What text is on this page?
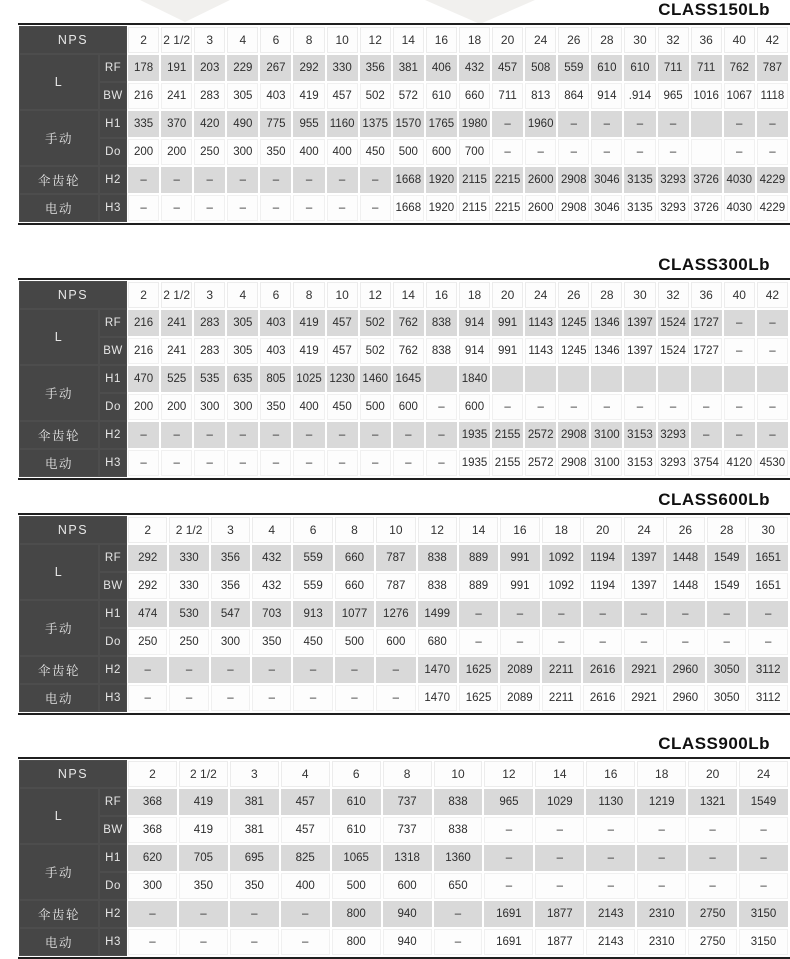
CLASS150Lb
NPS		2	2 1/2	3	4	6	8	10	12	14	16	18	20	24	26	28	30	32	36	40	42
L	RF	178	191	203	229	267	292	330	356	381	406	432	457	508	559	610	610	711	711	762	787
	BW	216	241	283	305	403	419	457	502	572	610	660	711	813	864	914	.914	965	1016	1067	1118
手动	H1	335	370	420	490	775	955	1160	1375	1570	1765	1980	–	1960	–	–	–	–		–	–
	Do	200	200	250	300	350	400	400	450	500	600	700	–	–	–	–	–	–		–	–
伞齿轮	H2	–	–	–	–	–	–	–	–	1668	1920	2115	2215	2600	2908	3046	3135	3293	3726	4030	4229
电动	H3	–	–	–	–	–	–	–	–	1668	1920	2115	2215	2600	2908	3046	3135	3293	3726	4030	4229
CLASS300Lb
NPS		2	2 1/2	3	4	6	8	10	12	14	16	18	20	24	26	28	30	32	36	40	42
L	RF	216	241	283	305	403	419	457	502	762	838	914	991	1143	1245	1346	1397	1524	1727	–	–
	BW	216	241	283	305	403	419	457	502	762	838	914	991	1143	1245	1346	1397	1524	1727	–	–
手动	H1	470	525	535	635	805	1025	1230	1460	1645		1840									
	Do	200	200	300	300	350	400	450	500	600	–	600	–	–	–	–	–	–	–	–	–
伞齿轮	H2	–	–	–	–	–	–	–	–	–	–	1935	2155	2572	2908	3100	3153	3293	–	–	–
电动	H3	–	–	–	–	–	–	–	–	–	–	1935	2155	2572	2908	3100	3153	3293	3754	4120	4530
CLASS600Lb
NPS		2	2 1/2	3	4	6	8	10	12	14	16	18	20	24	26	28	30
L	RF	292	330	356	432	559	660	787	838	889	991	1092	1194	1397	1448	1549	1651
	BW	292	330	356	432	559	660	787	838	889	991	1092	1194	1397	1448	1549	1651
手动	H1	474	530	547	703	913	1077	1276	1499	–	–	–	–	–	–	–	–
	Do	250	250	300	350	450	500	600	680	–	–	–	–	–	–	–	–
伞齿轮	H2	–	–	–	–	–	–	–	1470	1625	2089	2211	2616	2921	2960	3050	3112
电动	H3	–	–	–	–	–	–	–	1470	1625	2089	2211	2616	2921	2960	3050	3112
CLASS900Lb
NPS		2	2 1/2	3	4	6	8	10	12	14	16	18	20	24
L	RF	368	419	381	457	610	737	838	965	1029	1130	1219	1321	1549
	BW	368	419	381	457	610	737	838	–	–	–	–	–	–
手动	H1	620	705	695	825	1065	1318	1360	–	–	–	–	–	–
	Do	300	350	350	400	500	600	650	–	–	–	–	–	–
伞齿轮	H2	–	–	–	–	800	940	–	1691	1877	2143	2310	2750	3150
电动	H3	–	–	–	–	800	940	–	1691	1877	2143	2310	2750	3150
